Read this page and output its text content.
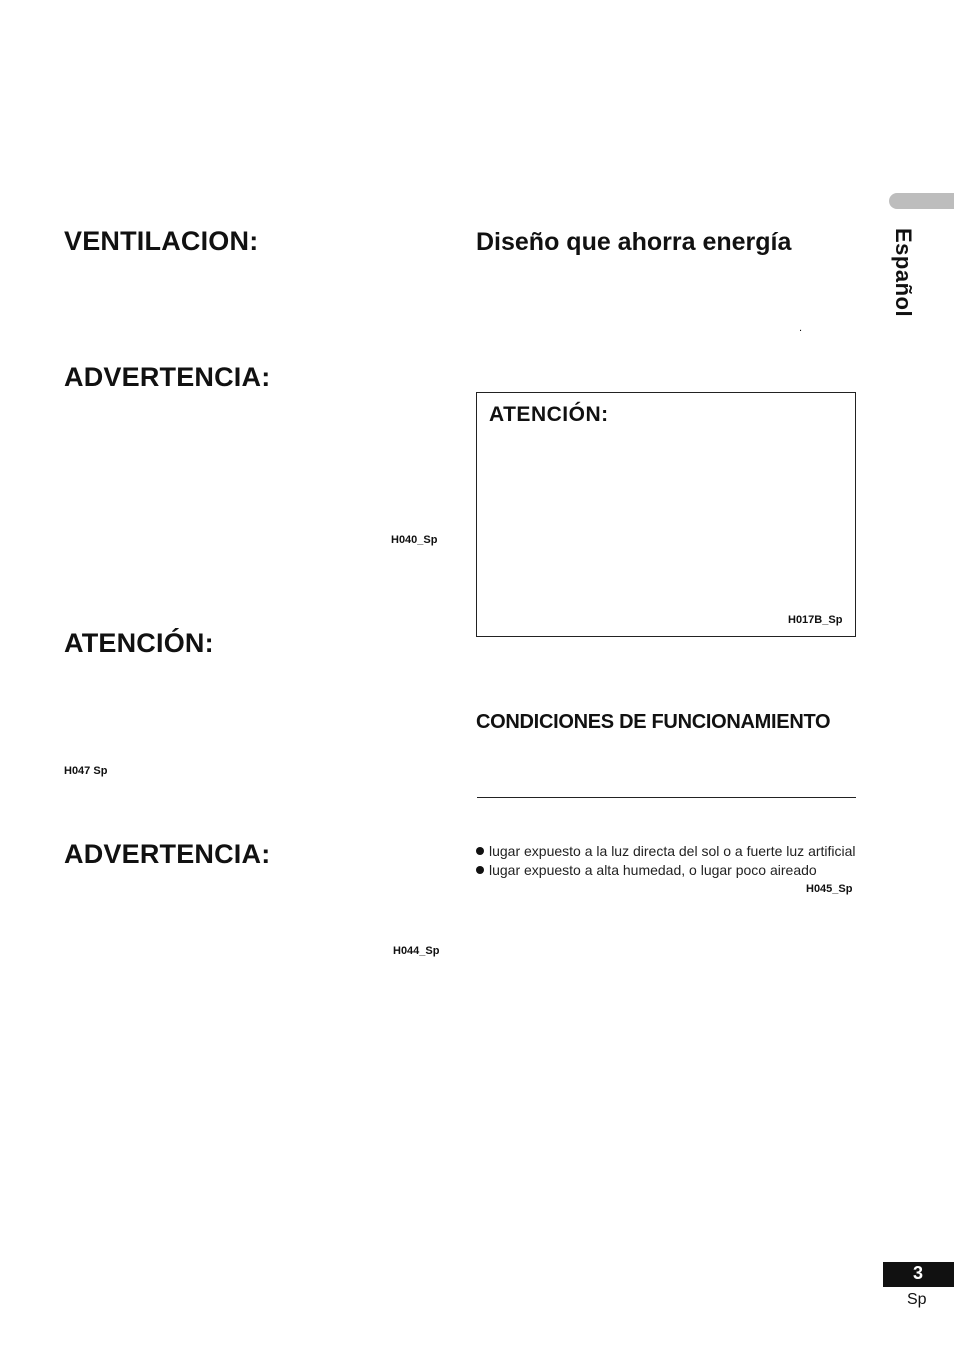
VENTILACION:
ADVERTENCIA:
H040_Sp
ATENCIÓN:
H047 Sp
ADVERTENCIA:
H044_Sp
Diseño que ahorra energía
.
ATENCIÓN:
H017B_Sp
CONDICIONES DE FUNCIONAMIENTO
lugar expuesto a la luz directa del sol o a fuerte luz artificial
lugar expuesto a alta humedad, o lugar poco aireado
H045_Sp
Español
3
Sp
